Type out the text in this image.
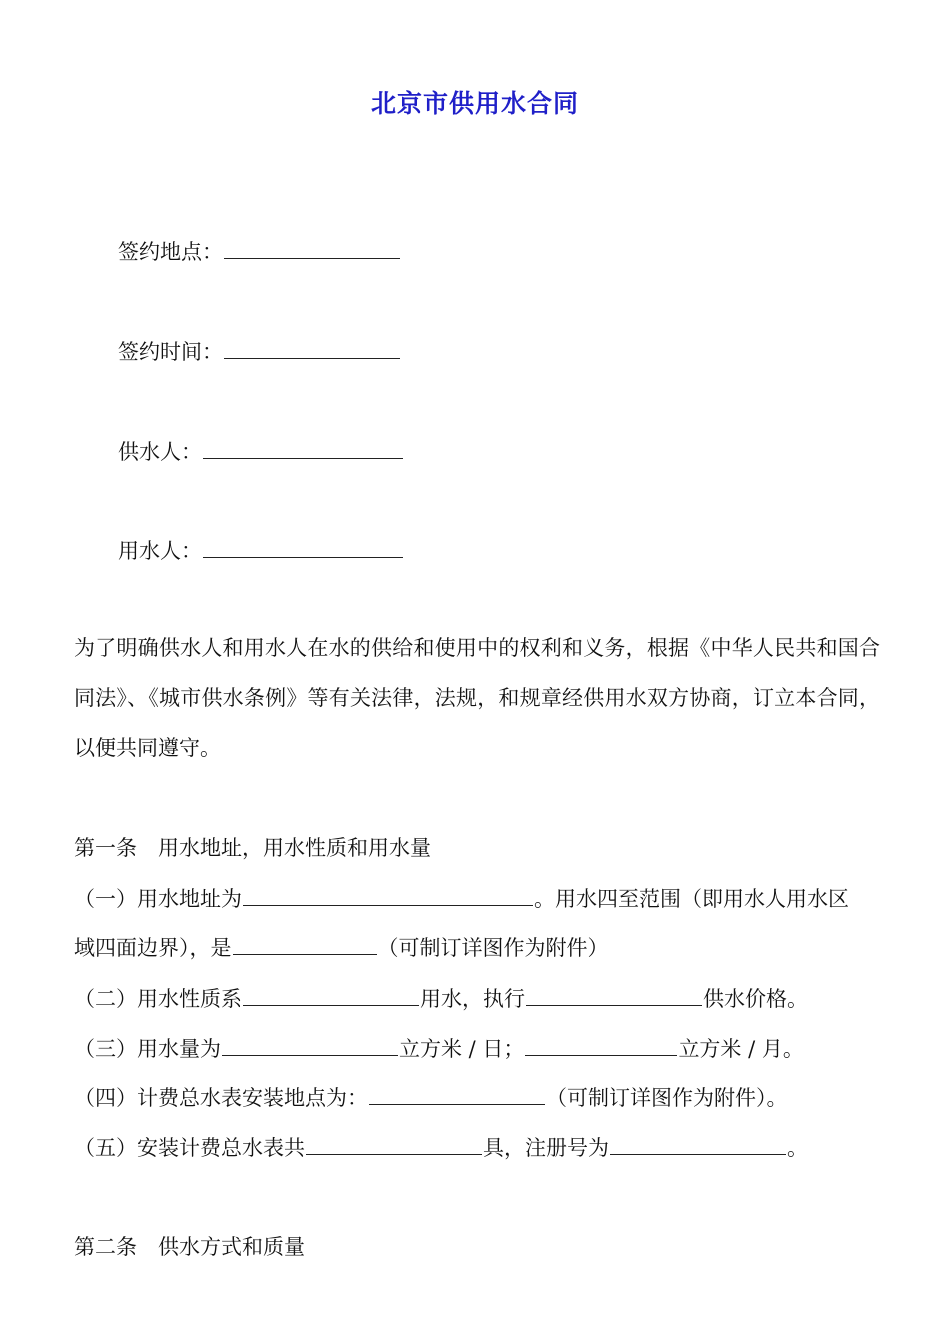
北京市供用水合同
签约地点：
签约时间：
供水人：
用水人：
为了明确供水人和用水人在水的供给和使用中的权利和义务，根据《中华人民共和国合同法》、《城市供水条例》等有关法律，法规，和规章经供用水双方协商，订立本合同，以便共同遵守。
第一条　用水地址，用水性质和用水量
（一）用水地址为	。用水四至范围（即用水人用水区
域四面边界），是	（可制订详图作为附件）
（二）用水性质系	用水，执行	供水价格。
（三）用水量为	立方米 / 日；	立方米 / 月。
（四）计费总水表安装地点为：	（可制订详图作为附件）。
（五）安装计费总水表共	具，注册号为	。
第二条　供水方式和质量
